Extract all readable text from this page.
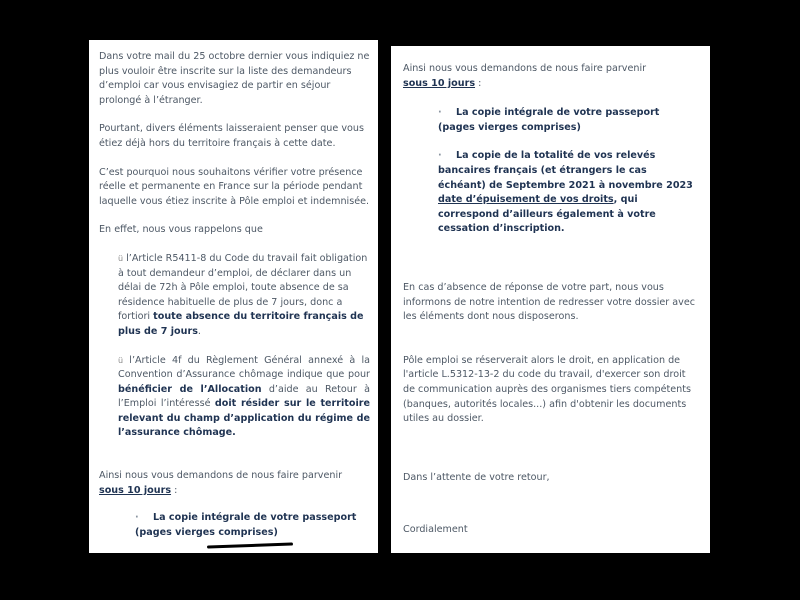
Dans votre mail du 25 octobre dernier vous indiquiez ne plus vouloir être inscrite sur la liste des demandeurs d’emploi car vous envisagiez de partir en séjour prolongé à l’étranger.

Pourtant, divers éléments laisseraient penser que vous étiez déjà hors du territoire français à cette date.

C’est pourquoi nous souhaitons vérifier votre présence réelle et permanente en France sur la période pendant laquelle vous étiez inscrite à Pôle emploi et indemnisée.

En effet, nous vous rappelons que

ü l’Article R5411-8 du Code du travail fait obligation à tout demandeur d’emploi, de déclarer dans un délai de 72h à Pôle emploi, toute absence de sa résidence habituelle de plus de 7 jours, donc a fortiori toute absence du territoire français de plus de 7 jours.

ü l’Article 4f du Règlement Général annexé à la Convention d’Assurance chômage indique que pour bénéficier de l’Allocation d’aide au Retour à l’Emploi l’intéressé doit résider sur le territoire relevant du champ d’application du régime de l’assurance chômage.

Ainsi nous vous demandons de nous faire parvenir

sous 10 jours :

· La copie intégrale de votre passeport

(pages vierges comprises)

Ainsi nous vous demandons de nous faire parvenir

sous 10 jours :

· La copie intégrale de votre passeport

(pages vierges comprises)

· La copie de la totalité de vos relevés bancaires français (et étrangers le cas échéant) de Septembre 2021 à novembre 2023 date d’épuisement de vos droits, qui correspond d’ailleurs également à votre cessation d’inscription.

En cas d’absence de réponse de votre part, nous vous informons de notre intention de redresser votre dossier avec les éléments dont nous disposerons.

Pôle emploi se réserverait alors le droit, en application de l'article L.5312-13-2 du code du travail, d'exercer son droit de communication auprès des organismes tiers compétents (banques, autorités locales...) afin d'obtenir les documents utiles au dossier.

Dans l’attente de votre retour,

Cordialement
